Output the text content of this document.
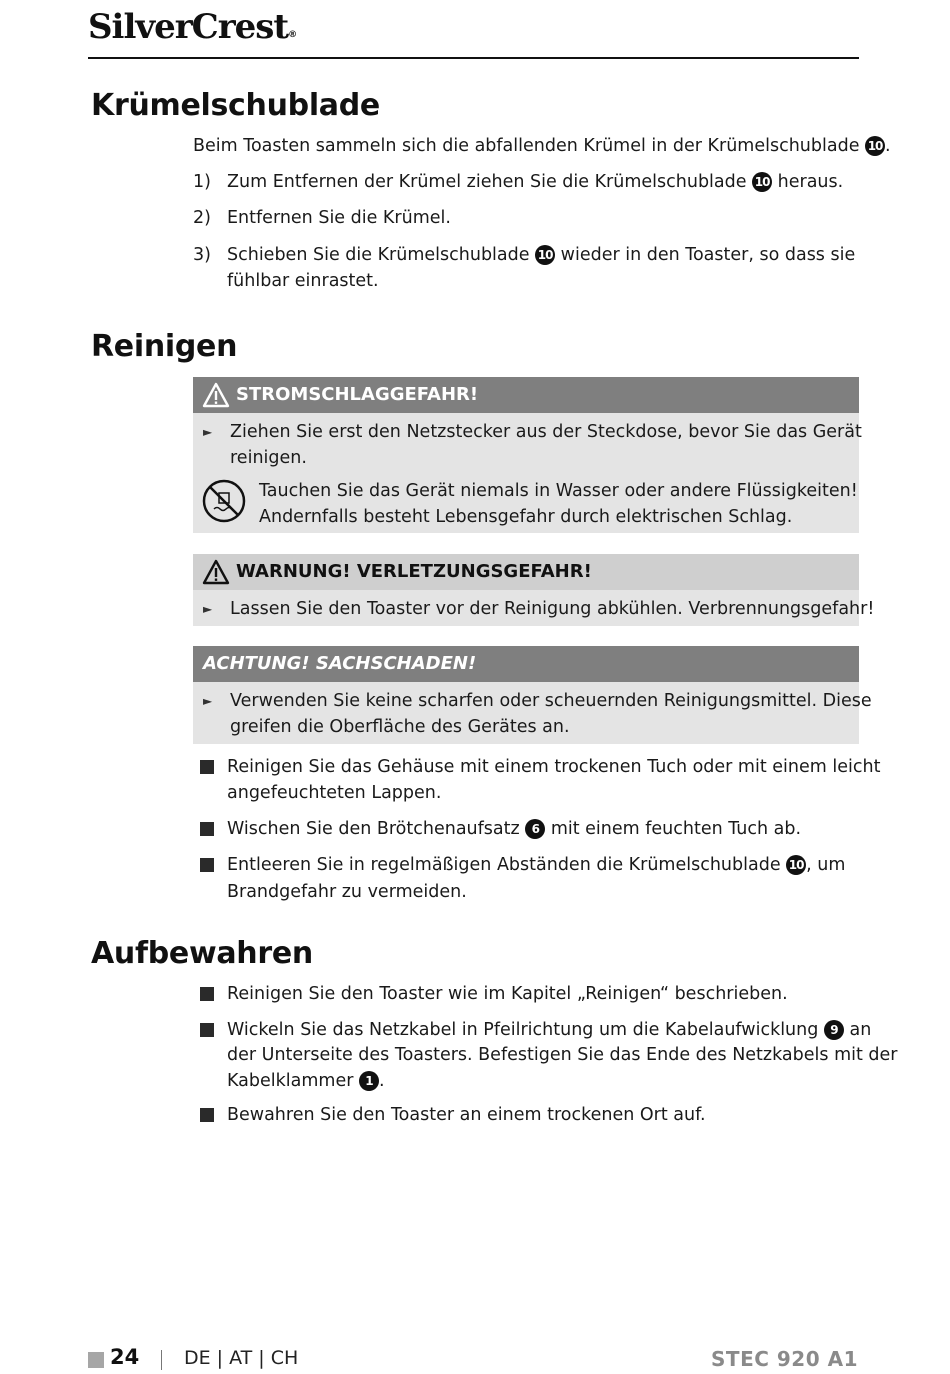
SilverCrest®
Krümelschublade
Beim Toasten sammeln sich die abfallenden Krümel in der Krümelschublade 10 .
1) Zum Entfernen der Krümel ziehen Sie die Krümelschublade 10 heraus.
2) Entfernen Sie die Krümel.
3) Schieben Sie die Krümelschublade 10 wieder in den Toaster, so dass sie
fühlbar einrastet.
Reinigen
STROMSCHLAGGEFAHR!
► Ziehen Sie erst den Netzstecker aus der Steckdose, bevor Sie das Gerät
reinigen.
Tauchen Sie das Gerät niemals in Wasser oder andere Flüssigkeiten!
Andernfalls besteht Lebensgefahr durch elektrischen Schlag.
WARNUNG! VERLETZUNGSGEFAHR!
► Lassen Sie den Toaster vor der Reinigung abkühlen. Verbrennungsgefahr!
ACHTUNG! SACHSCHADEN!
► Verwenden Sie keine scharfen oder scheuernden Reinigungsmittel. Diese
greifen die Oberfläche des Gerätes an.
Reinigen Sie das Gehäuse mit einem trockenen Tuch oder mit einem leicht
angefeuchteten Lappen.
Wischen Sie den Brötchenaufsatz 6 mit einem feuchten Tuch ab.
Entleeren Sie in regelmäßigen Abständen die Krümelschublade 10 , um
Brandgefahr zu vermeiden.
Aufbewahren
Reinigen Sie den Toaster wie im Kapitel „Reinigen“ beschrieben.
Wickeln Sie das Netzkabel in Pfeilrichtung um die Kabelaufwicklung 9 an
der Unterseite des Toasters. Befestigen Sie das Ende des Netzkabels mit der
Kabelklammer 1 .
Bewahren Sie den Toaster an einem trockenen Ort auf.
24 DE | AT | CH	STEC 920 A1
